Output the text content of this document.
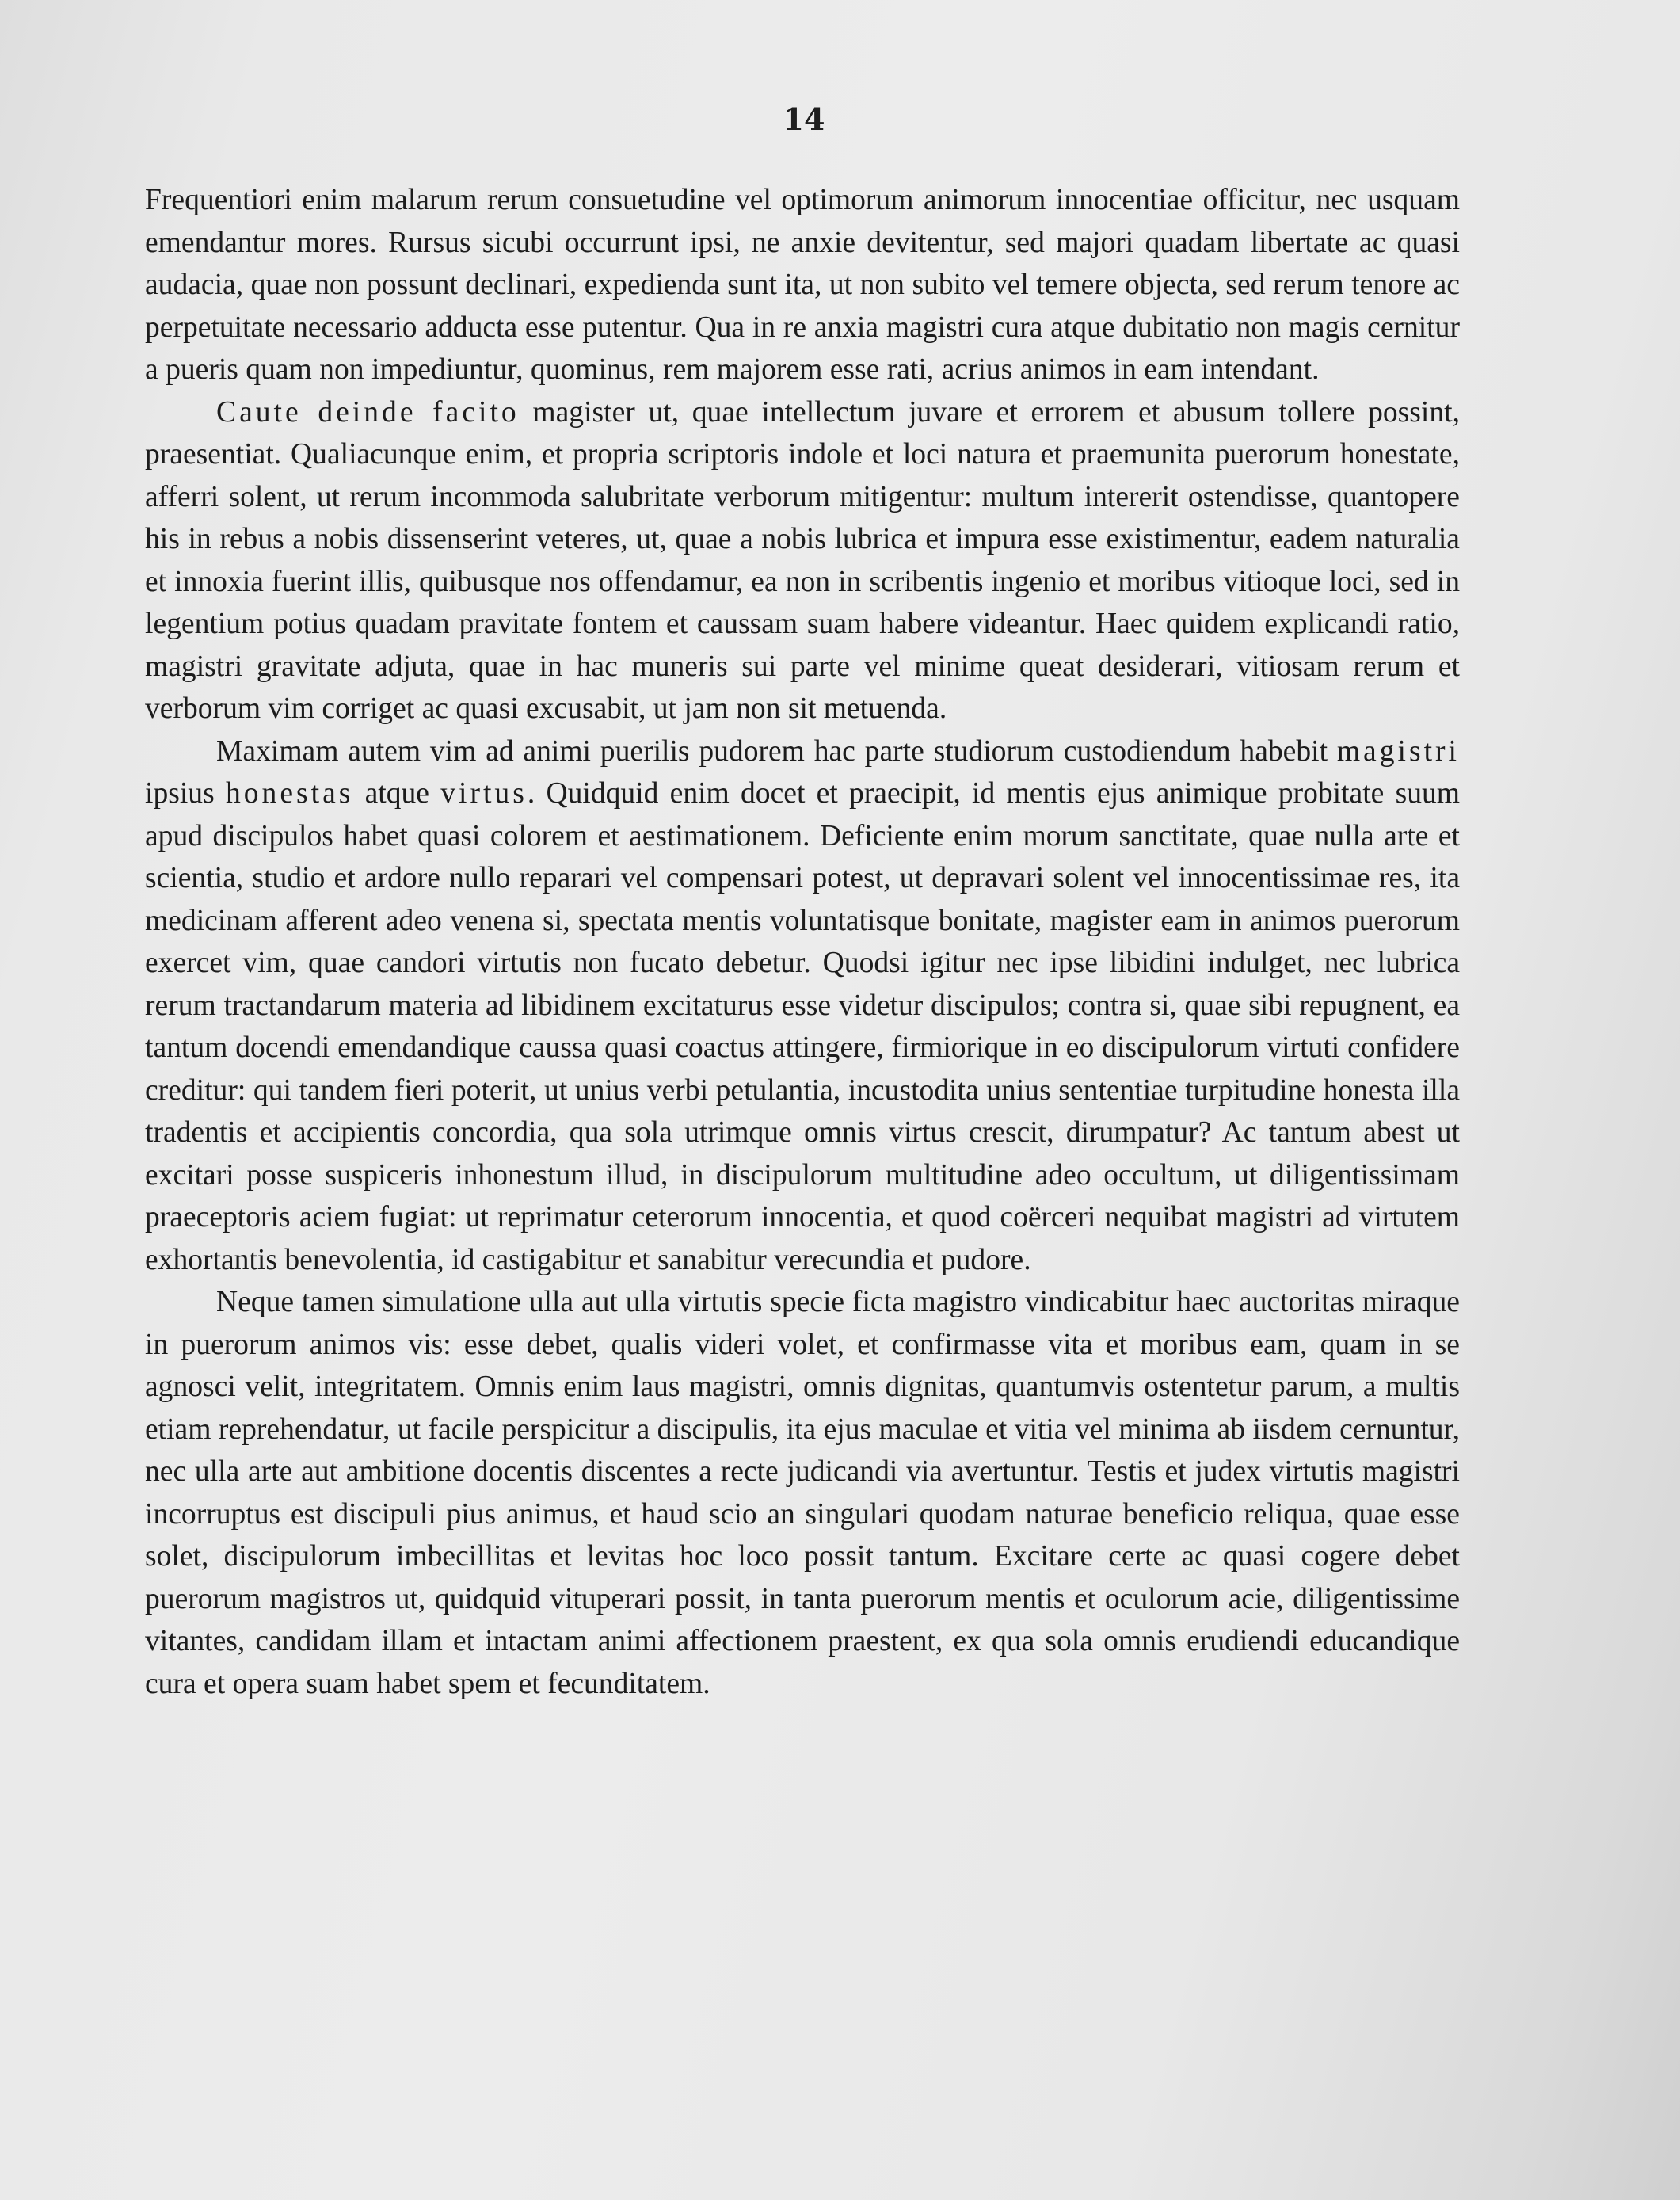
14

Frequentiori enim malarum rerum consuetudine vel optimorum animorum innocentiae officitur, nec usquam emendantur mores. Rursus sicubi occurrunt ipsi, ne anxie devitentur, sed majori quadam libertate ac quasi audacia, quae non possunt declinari, expedienda sunt ita, ut non subito vel temere objecta, sed rerum tenore ac perpetuitate necessario adducta esse putentur. Qua in re anxia magistri cura atque dubitatio non magis cernitur a pueris quam non impediuntur, quominus, rem majorem esse rati, acrius animos in eam intendant.

Caute deinde facito magister ut, quae intellectum juvare et errorem et abusum tollere possint, praesentiat. Qualiacunque enim, et propria scriptoris indole et loci natura et praemunita puerorum honestate, afferri solent, ut rerum incommoda salubritate verborum mitigentur: multum intererit ostendisse, quantopere his in rebus a nobis dissenserint veteres, ut, quae a nobis lubrica et impura esse existimentur, eadem naturalia et innoxia fuerint illis, quibusque nos offendamur, ea non in scribentis ingenio et moribus vitioque loci, sed in legentium potius quadam pravitate fontem et caussam suam habere videantur. Haec quidem explicandi ratio, magistri gravitate adjuta, quae in hac muneris sui parte vel minime queat desiderari, vitiosam rerum et verborum vim corriget ac quasi excusabit, ut jam non sit metuenda.

Maximam autem vim ad animi puerilis pudorem hac parte studiorum custodiendum habebit magistri ipsius honestas atque virtus. Quidquid enim docet et praecipit, id mentis ejus animique probitate suum apud discipulos habet quasi colorem et aestimationem. Deficiente enim morum sanctitate, quae nulla arte et scientia, studio et ardore nullo reparari vel compensari potest, ut depravari solent vel innocentissimae res, ita medicinam afferent adeo venena si, spectata mentis voluntatisque bonitate, magister eam in animos puerorum exercet vim, quae candori virtutis non fucato debetur. Quodsi igitur nec ipse libidini indulget, nec lubrica rerum tractandarum materia ad libidinem excitaturus esse videtur discipulos; contra si, quae sibi repugnent, ea tantum docendi emendandique caussa quasi coactus attingere, firmiorique in eo discipulorum virtuti confidere creditur: qui tandem fieri poterit, ut unius verbi petulantia, incustodita unius sententiae turpitudine honesta illa tradentis et accipientis concordia, qua sola utrimque omnis virtus crescit, dirumpatur? Ac tantum abest ut excitari posse suspiceris inhonestum illud, in discipulorum multitudine adeo occultum, ut diligentissimam praeceptoris aciem fugiat: ut reprimatur ceterorum innocentia, et quod coërceri nequibat magistri ad virtutem exhortantis benevolentia, id castigabitur et sanabitur verecundia et pudore.

Neque tamen simulatione ulla aut ulla virtutis specie ficta magistro vindicabitur haec auctoritas miraque in puerorum animos vis: esse debet, qualis videri volet, et confirmasse vita et moribus eam, quam in se agnosci velit, integritatem. Omnis enim laus magistri, omnis dignitas, quantumvis ostentetur parum, a multis etiam reprehendatur, ut facile perspicitur a discipulis, ita ejus maculae et vitia vel minima ab iisdem cernuntur, nec ulla arte aut ambitione docentis discentes a recte judicandi via avertuntur. Testis et judex virtutis magistri incorruptus est discipuli pius animus, et haud scio an singulari quodam naturae beneficio reliqua, quae esse solet, discipulorum imbecillitas et levitas hoc loco possit tantum. Excitare certe ac quasi cogere debet puerorum magistros ut, quidquid vituperari possit, in tanta puerorum mentis et oculorum acie, diligentissime vitantes, candidam illam et intactam animi affectionem praestent, ex qua sola omnis erudiendi educandique cura et opera suam habet spem et fecunditatem.
